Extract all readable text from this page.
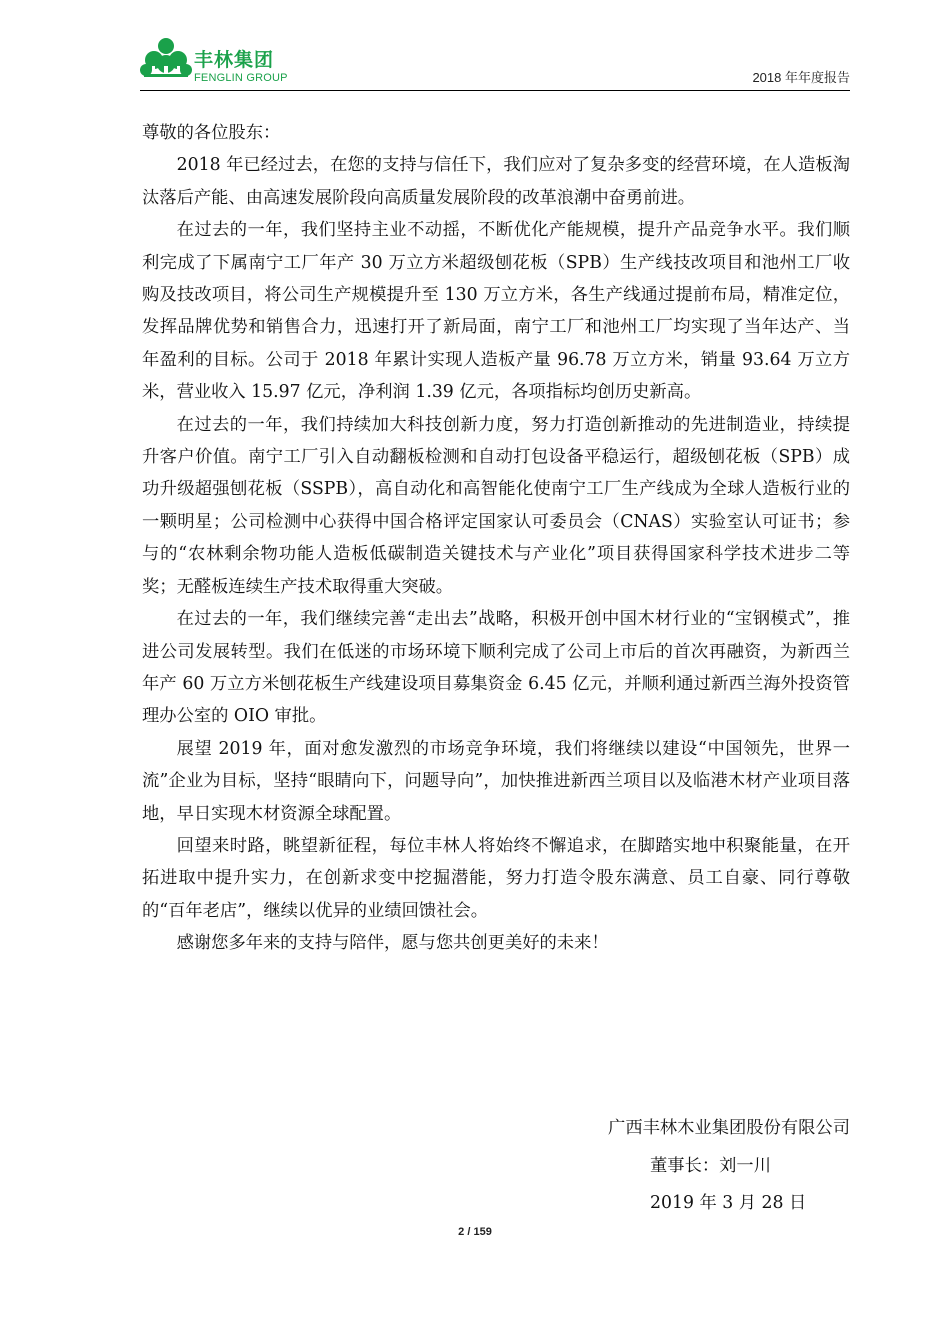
丰林集团
FENGLIN GROUP	2018 年年度报告

尊敬的各位股东：

2018 年已经过去，在您的支持与信任下，我们应对了复杂多变的经营环境，在人造板淘汰落后产能、由高速发展阶段向高质量发展阶段的改革浪潮中奋勇前进。

在过去的一年，我们坚持主业不动摇，不断优化产能规模，提升产品竞争水平。我们顺利完成了下属南宁工厂年产 30 万立方米超级刨花板（SPB）生产线技改项目和池州工厂收购及技改项目，将公司生产规模提升至 130 万立方米，各生产线通过提前布局，精准定位，发挥品牌优势和销售合力，迅速打开了新局面，南宁工厂和池州工厂均实现了当年达产、当年盈利的目标。公司于 2018 年累计实现人造板产量 96.78 万立方米，销量 93.64 万立方米，营业收入 15.97 亿元，净利润 1.39 亿元，各项指标均创历史新高。

在过去的一年，我们持续加大科技创新力度，努力打造创新推动的先进制造业，持续提升客户价值。南宁工厂引入自动翻板检测和自动打包设备平稳运行，超级刨花板（SPB）成功升级超强刨花板（SSPB），高自动化和高智能化使南宁工厂生产线成为全球人造板行业的一颗明星；公司检测中心获得中国合格评定国家认可委员会（CNAS）实验室认可证书；参与的“农林剩余物功能人造板低碳制造关键技术与产业化”项目获得国家科学技术进步二等奖；无醛板连续生产技术取得重大突破。

在过去的一年，我们继续完善“走出去”战略，积极开创中国木材行业的“宝钢模式”，推进公司发展转型。我们在低迷的市场环境下顺利完成了公司上市后的首次再融资，为新西兰年产 60 万立方米刨花板生产线建设项目募集资金 6.45 亿元，并顺利通过新西兰海外投资管理办公室的 OIO 审批。

展望 2019 年，面对愈发激烈的市场竞争环境，我们将继续以建设“中国领先，世界一流”企业为目标，坚持“眼睛向下，问题导向”，加快推进新西兰项目以及临港木材产业项目落地，早日实现木材资源全球配置。

回望来时路，眺望新征程，每位丰林人将始终不懈追求，在脚踏实地中积聚能量，在开拓进取中提升实力，在创新求变中挖掘潜能，努力打造令股东满意、员工自豪、同行尊敬的“百年老店”，继续以优异的业绩回馈社会。

感谢您多年来的支持与陪伴，愿与您共创更美好的未来！

广西丰林木业集团股份有限公司
董事长：刘一川
2019 年 3 月 28 日
2 / 159
